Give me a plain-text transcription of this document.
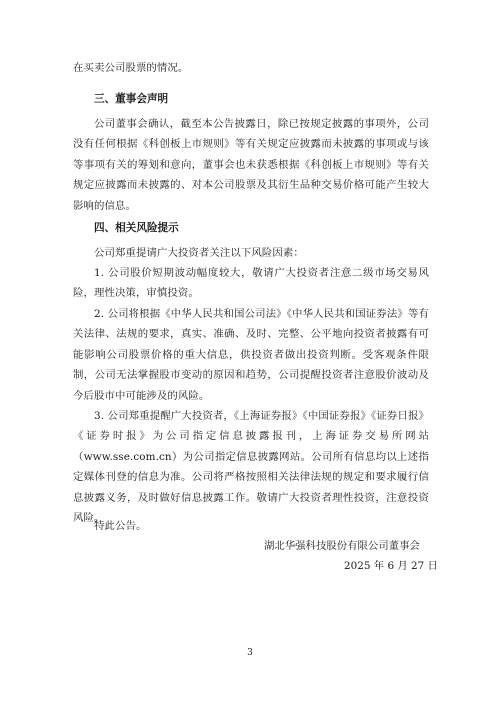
在买卖公司股票的情况。
三、董事会声明
公司董事会确认，截至本公告披露日，除已按规定披露的事项外，公司没有任何根据《科创板上市规则》等有关规定应披露而未披露的事项或与该等事项有关的筹划和意向，董事会也未获悉根据《科创板上市规则》等有关规定应披露而未披露的、对本公司股票及其衍生品种交易价格可能产生较大影响的信息。
四、相关风险提示
公司郑重提请广大投资者关注以下风险因素：
1. 公司股价短期波动幅度较大，敬请广大投资者注意二级市场交易风险，理性决策，审慎投资。
2. 公司将根据《中华人民共和国公司法》《中华人民共和国证券法》等有关法律、法规的要求，真实、准确、及时、完整、公平地向投资者披露有可能影响公司股票价格的重大信息，供投资者做出投资判断。受客观条件限制，公司无法掌握股市变动的原因和趋势，公司提醒投资者注意股价波动及今后股市中可能涉及的风险。
3. 公司郑重提醒广大投资者，《上海证券报》《中国证券报》《证券日报》《证券时报》为公司指定信息披露报刊，上海证券交易所网站（www.sse.com.cn）为公司指定信息披露网站。公司所有信息均以上述指定媒体刊登的信息为准。公司将严格按照相关法律法规的规定和要求履行信息披露义务，及时做好信息披露工作。敬请广大投资者理性投资，注意投资风险。
特此公告。
湖北华强科技股份有限公司董事会
2025 年 6 月 27 日
3
